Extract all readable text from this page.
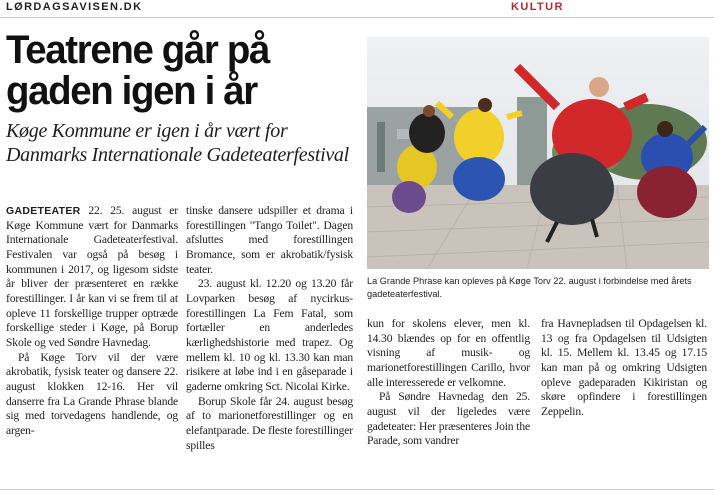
LØRDAGSAVISEN.DK	KULTUR
Teatrene går på
gaden igen i år
Køge Kommune er igen i år vært for Danmarks Internationale Gadeteaterfestival
La Grande Phrase kan opleves på Køge Torv 22. august i forbindelse med årets gadeteaterfestival.

GADETEATER 22. 25. august er Køge Kommune vært for Danmarks Internationale Gadeteaterfestival. Festivalen var også på besøg i kommunen i 2017, og ligesom sidste år bliver der præsenteret en række forestillinger. I år kan vi se frem til at opleve 11 forskellige trupper optræde forskellige steder i Køge, på Borup Skole og ved Søndre Havnedag.

På Køge Torv vil der være akrobatik, fysisk teater og dansere 22. august klokken 12-16. Her vil danserre fra La Grande Phrase blande sig med torvedagens handlende, og argen-

tinske dansere udspiller et drama i forestillingen "Tango Toilet". Dagen afsluttes med forestillingen Bromance, som er akrobatik/fysisk teater.

23. august kl. 12.20 og 13.20 får Lovparken besøg af nycirkus-forestillingen La Fem Fatal, som fortæller en anderledes kærlighedshistorie med trapez. Og mellem kl. 10 og kl. 13.30 kan man risikere at løbe ind i en gåseparade i gaderne omkring Sct. Nicolai Kirke.

Borup Skole får 24. august besøg af to marionetforestillinger og en elefantparade. De fleste forestillinger spilles

kun for skolens elever, men kl. 14.30 blændes op for en offentlig visning af musik- og marionetforestillingen Carillo, hvor alle interesserede er velkomne.

På Søndre Havnedag den 25. august vil der ligeledes være gadeteater: Her præsenteres Join the Parade, som vandrer

fra Havnepladsen til Opdagelsen kl. 13 og fra Opdagelsen til Udsigten kl. 15. Mellem kl. 13.45 og 17.15 kan man på og omkring Udsigten opleve gadeparaden Kikiristan og skøre opfindere i forestillingen Zeppelin.
